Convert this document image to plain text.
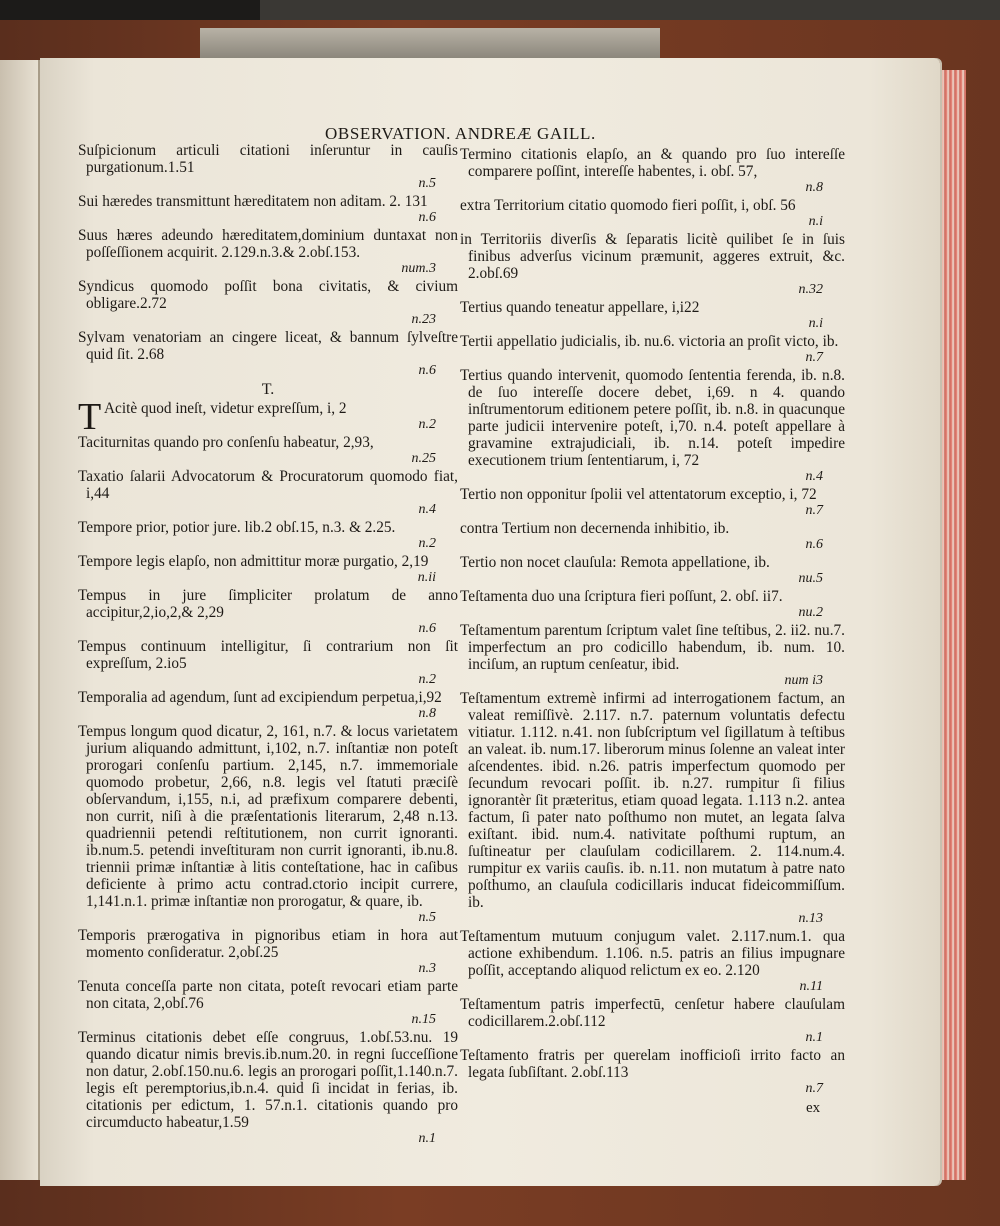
OBSERVATION. ANDREÆ GAILL.
Suſpicionum articuli citationi inſeruntur in cauſis purgationum.1.51
n.5
Sui hæredes transmittunt hæreditatem non aditam. 2. 131
n.6
Suus hæres adeundo hæreditatem,dominium duntaxat non poſſeſſionem acquirit. 2.129.n.3.& 2.obſ.153.
num.3
Syndicus quomodo poſſit bona civitatis, & civium obligare.2.72
n.23
Sylvam venatoriam an cingere liceat, & bannum ſylveſtre quid ſit. 2.68
n.6
T.
T Acitè quod ineſt, videtur expreſſum, i, 2
n.2
Taciturnitas quando pro conſenſu habeatur, 2,93,
n.25
Taxatio ſalarii Advocatorum & Procuratorum quomodo fiat, i,44
n.4
Tempore prior, potior jure. lib.2 obſ.15, n.3. & 2.25.
n.2
Tempore legis elapſo, non admittitur moræ purgatio, 2,19
n.ii
Tempus in jure ſimpliciter prolatum de anno accipitur,2,io,2,& 2,29
n.6
Tempus continuum intelligitur, ſi contrarium non ſit expreſſum, 2.io5
n.2
Temporalia ad agendum, ſunt ad excipiendum perpetua,i,92
n.8
Tempus longum quod dicatur, 2, 161, n.7. & locus varietatem jurium aliquando admittunt, i,102, n.7. inſtantiæ non poteſt prorogari conſenſu partium. 2,145, n.7. immemoriale quomodo probetur, 2,66, n.8. legis vel ſtatuti præciſè obſervandum, i,155, n.i, ad præfixum comparere debenti, non currit, niſi à die præſentationis literarum, 2,48 n.13. quadriennii petendi reſtitutionem, non currit ignoranti. ib.num.5. petendi inveſtituram non currit ignoranti, ib.nu.8. triennii primæ inſtantiæ à litis conteſtatione, hac in caſibus deficiente à primo actu contrad.ctorio incipit currere, 1,141.n.1. primæ inſtantiæ non prorogatur, & quare, ib.
n.5
Temporis prærogativa in pignoribus etiam in hora aut momento conſideratur. 2,obſ.25
n.3
Tenuta conceſſa parte non citata, poteſt revocari etiam parte non citata, 2,obſ.76
n.15
Terminus citationis debet eſſe congruus, 1.obſ.53.nu. 19 quando dicatur nimis brevis.ib.num.20. in regni ſucceſſione non datur, 2.obſ.150.nu.6. legis an prorogari poſſit,1.140.n.7. legis eſt peremptorius,ib.n.4. quid ſi incidat in ferias, ib. citationis per edictum, 1. 57.n.1. citationis quando pro circumducto habeatur,1.59
n.1
Termino citationis elapſo, an & quando pro ſuo intereſſe comparere poſſint, intereſſe habentes, i. obſ. 57,
n.8
extra Territorium citatio quomodo fieri poſſit, i, obſ. 56
n.i
in Territoriis diverſis & ſeparatis licitè quilibet ſe in ſuis finibus adverſus vicinum præmunit, aggeres extruit, &c. 2.obſ.69
n.32
Tertius quando teneatur appellare, i,i22
n.i
Tertii appellatio judicialis, ib. nu.6. victoria an proſit victo, ib.
n.7
Tertius quando intervenit, quomodo ſententia ferenda, ib. n.8. de ſuo intereſſe docere debet, i,69. n 4. quando inſtrumentorum editionem petere poſſit, ib. n.8. in quacunque parte judicii intervenire poteſt, i,70. n.4. poteſt appellare à gravamine extrajudiciali, ib. n.14. poteſt impedire executionem trium ſententiarum, i, 72
n.4
Tertio non opponitur ſpolii vel attentatorum exceptio, i, 72
n.7
contra Tertium non decernenda inhibitio, ib.
n.6
Tertio non nocet clauſula: Remota appellatione, ib.
nu.5
Teſtamenta duo una ſcriptura fieri poſſunt, 2. obſ. ii7.
nu.2
Teſtamentum parentum ſcriptum valet ſine teſtibus, 2. ii2. nu.7. imperfectum an pro codicillo habendum, ib. num. 10. inciſum, an ruptum cenſeatur, ibid.
num i3
Teſtamentum extremè infirmi ad interrogationem factum, an valeat remiſſivè. 2.117. n.7. paternum voluntatis defectu vitiatur. 1.112. n.41. non ſubſcriptum vel ſigillatum à teſtibus an valeat. ib. num.17. liberorum minus ſolenne an valeat inter aſcendentes. ibid. n.26. patris imperfectum quomodo per ſecundum revocari poſſit. ib. n.27. rumpitur ſi filius ignorantèr ſit præteritus, etiam quoad legata. 1.113 n.2. antea factum, ſi pater nato poſthumo non mutet, an legata ſalva exiſtant. ibid. num.4. nativitate poſthumi ruptum, an ſuſtineatur per clauſulam codicillarem. 2. 114.num.4. rumpitur ex variis cauſis. ib. n.11. non mutatum à patre nato poſthumo, an clauſula codicillaris inducat fideicommiſſum. ib.
n.13
Teſtamentum mutuum conjugum valet. 2.117.num.1. qua actione exhibendum. 1.106. n.5. patris an filius impugnare poſſit, acceptando aliquod relictum ex eo. 2.120
n.11
Teſtamentum patris imperfectū, cenſetur habere clauſulam codicillarem.2.obſ.112
n.1
Teſtamento fratris per querelam inofficioſi irrito facto an legata ſubſiſtant. 2.obſ.113
n.7
ex
